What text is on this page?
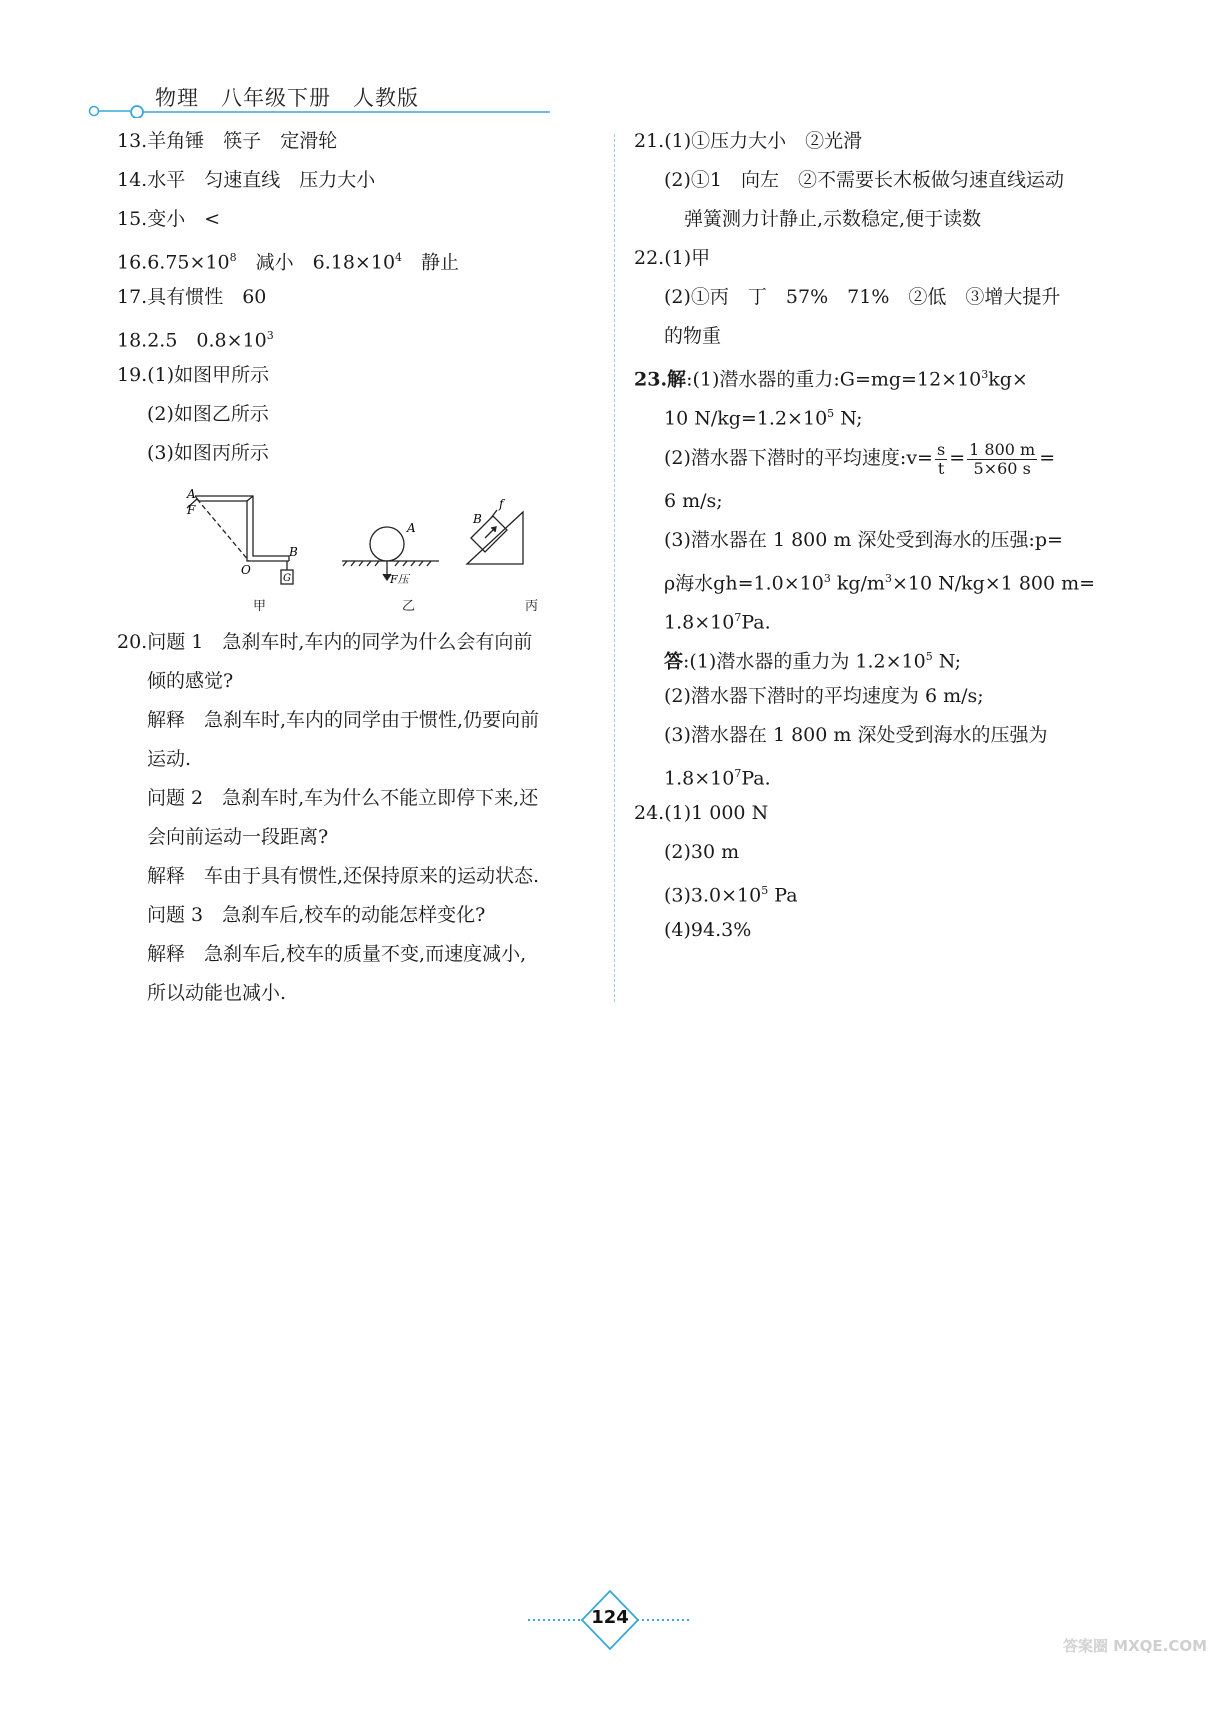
物理　八年级下册　人教版
13.羊角锤　筷子　定滑轮
14.水平　匀速直线　压力大小
15.变小　<
$16.6.75\times 10^8$　减小　$6.18\times 10^4$　静止
17.具有惯性　60
18.2.5　$0.8\times 10^3$
19.(1)如图甲所示
(2)如图乙所示
(3)如图丙所示
A
F
O
B
G
A
F压
B
f
甲	乙	丙
20.问题 1　急刹车时,车内的同学为什么会有向前
倾的感觉?
解释　急刹车时,车内的同学由于惯性,仍要向前
运动.
问题 2　急刹车时,车为什么不能立即停下来,还
会向前运动一段距离?
解释　车由于具有惯性,还保持原来的运动状态.
问题 3　急刹车后,校车的动能怎样变化?
解释　急刹车后,校车的质量不变,而速度减小,
所以动能也减小.
21.(1)①压力大小　②光滑
(2)①1　向左　②不需要长木板做匀速直线运动
弹簧测力计静止,示数稳定,便于读数
22.(1)甲
(2)①丙　丁　57%　71%　②低　③增大提升
的物重
23.解:(1)潜水器的重力$:G=mg=12\times 10^3kg\times$
10 $N/kg=1.2\times 10^5$ N;
(2)潜水器下潜时的平均速度:v= $\frac{s}{t} = \frac{1 800 m}{5\times 60 s}$ =
6 m/s;
(3)潜水器在 1 800 m 深处受到海水的压强:p=
ρ海水$gh=1.0\times 10^3$ $kg/m^3\times 10$ N/kg×1 800 m=
$1.8\times 10^7Pa$.
答:(1)潜水器的重力为 $1.2\times 10^5$ N;
(2)潜水器下潜时的平均速度为 6 m/s;
(3)潜水器在 1 800 m 深处受到海水的压强为
$1.8\times 10^7Pa$.
24.(1)1 000 N
(2)30 m
$(3)3.0\times 10^5$ Pa
(4)94.3%
124
答案圈 MXQE.COM
